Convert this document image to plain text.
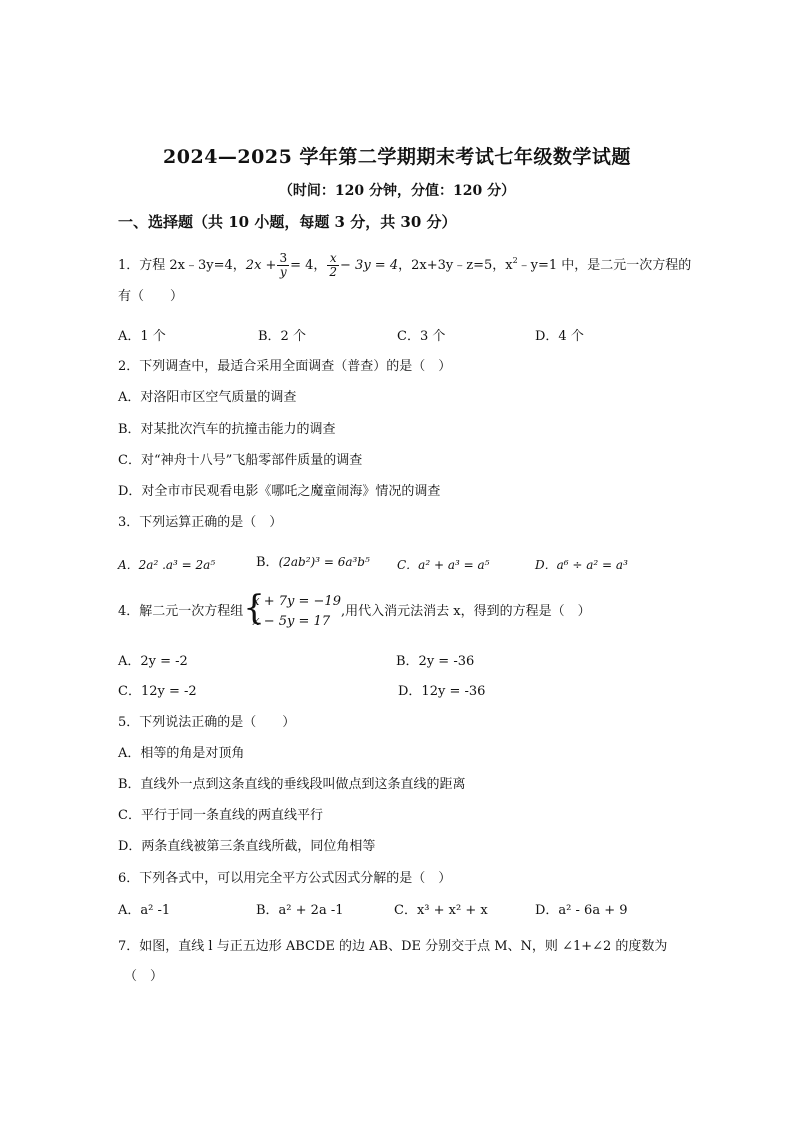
2024—2025 学年第二学期期末考试七年级数学试题
（时间：120 分钟，分值：120 分）
一、选择题（共 10 小题，每题 3 分，共 30 分）
1．方程 2x﹣3y=4，$2x + \frac{3}{y} = 4$， $\frac{x}{2} - 3y = 4$，2x+3y﹣z=5，$x^2﹣y=1$ 中，是二元一次方程的
有（　　）
A．1 个	B．2 个	C．3 个	D．4 个
2．下列调查中，最适合采用全面调查（普查）的是（　）
A．对洛阳市区空气质量的调查
B．对某批次汽车的抗撞击能力的调查
C．对“神舟十八号”飞船零部件质量的调查
D．对全市市民观看电影《哪吒之魔童闹海》情况的调查
3．下列运算正确的是（　）
A．2a² .a³ = 2a⁵	B．(2ab²)³ = 6a³b⁵ C．a² + a³ = a⁵	D．a⁶ ÷ a² = a³
4．解二元一次方程组 {
x + 7y = −19
x − 5y = 17
,用代入消元法消去 x，得到的方程是（　）
A．2y = -2	B．2y = -36
C．12y = -2	D．12y = -36
5．下列说法正确的是（　　）
A．相等的角是对顶角
B．直线外一点到这条直线的垂线段叫做点到这条直线的距离
C．平行于同一条直线的两直线平行
D．两条直线被第三条直线所截，同位角相等
6．下列各式中，可以用完全平方公式因式分解的是（　）
A．a² -1	B．a² + 2a -1	C．x³ + x² + x	D．a² - 6a + 9
7．如图，直线 l 与正五边形 ABCDE 的边 AB、DE 分别交于点 M、N，则 ∠1+∠2 的度数为
（　）
